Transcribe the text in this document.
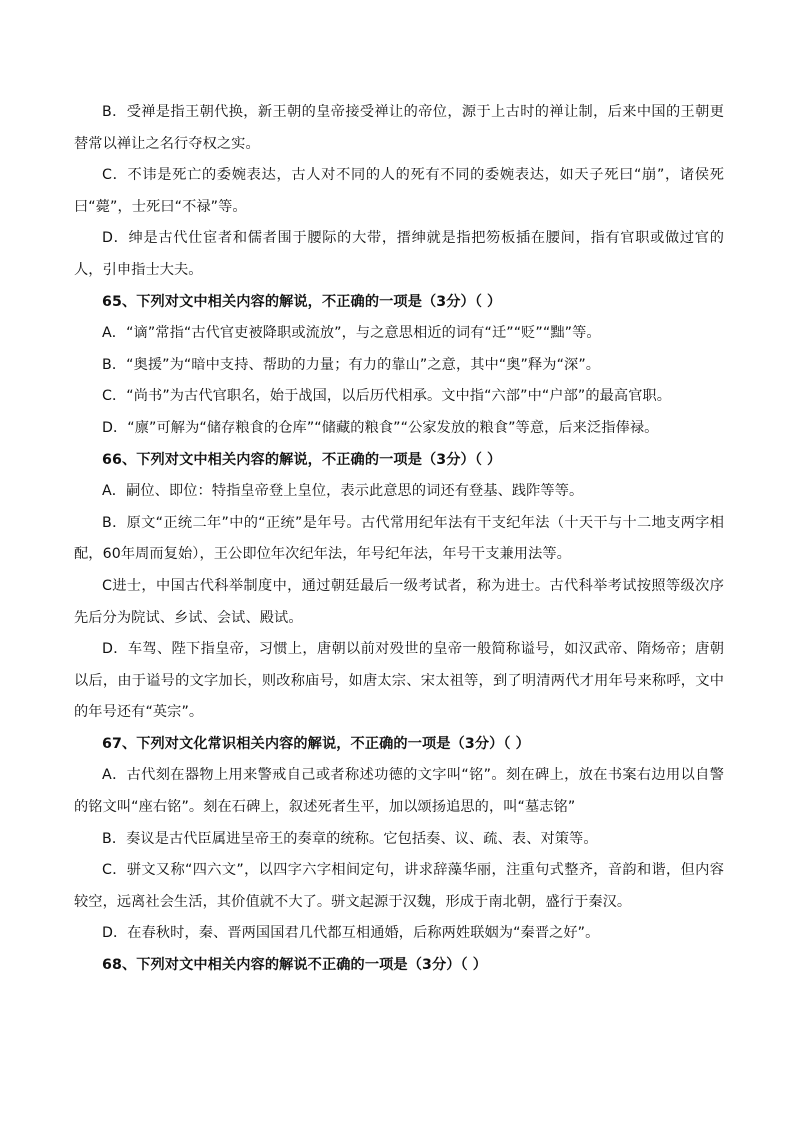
B．受禅是指王朝代换，新王朝的皇帝接受禅让的帝位，源于上古时的禅让制，后来中国的王朝更替常以禅让之名行夺权之实。

C．不讳是死亡的委婉表达，古人对不同的人的死有不同的委婉表达，如天子死曰“崩”，诸侯死曰“薨”，士死曰“不禄”等。

D．绅是古代仕宦者和儒者围于腰际的大带，搢绅就是指把笏板插在腰间，指有官职或做过官的人，引申指士大夫。

65、下列对文中相关内容的解说，不正确的一项是（3分）（ ）

A．“谪”常指“古代官吏被降职或流放”，与之意思相近的词有“迁”“贬”“黜”等。

B．“奥援”为“暗中支持、帮助的力量；有力的靠山”之意，其中“奥”释为“深”。

C．“尚书”为古代官职名，始于战国，以后历代相承。文中指“六部”中“户部”的最高官职。

D．“廪”可解为“储存粮食的仓库”“储藏的粮食”“公家发放的粮食”等意，后来泛指俸禄。

66、下列对文中相关内容的解说，不正确的一项是（3分）（ ）

A．嗣位、即位：特指皇帝登上皇位，表示此意思的词还有登基、践阼等等。

B．原文“正统二年”中的“正统”是年号。古代常用纪年法有干支纪年法（十天干与十二地支两字相配，60年周而复始），王公即位年次纪年法，年号纪年法，年号干支兼用法等。

C进士，中国古代科举制度中，通过朝廷最后一级考试者，称为进士。古代科举考试按照等级次序先后分为院试、乡试、会试、殿试。

D．车驾、陛下指皇帝，习惯上，唐朝以前对殁世的皇帝一般简称谥号，如汉武帝、隋炀帝；唐朝以后，由于谥号的文字加长，则改称庙号，如唐太宗、宋太祖等，到了明清两代才用年号来称呼，文中的年号还有“英宗”。

67、下列对文化常识相关内容的解说，不正确的一项是（3分）（ ）

A．古代刻在器物上用来警戒自己或者称述功德的文字叫“铭”。刻在碑上，放在书案右边用以自警的铭文叫“座右铭”。刻在石碑上，叙述死者生平，加以颂扬追思的，叫“墓志铭”

B．奏议是古代臣属进呈帝王的奏章的统称。它包括奏、议、疏、表、对策等。

C．骈文又称“四六文”，以四字六字相间定句，讲求辞藻华丽，注重句式整齐，音韵和谐，但内容较空，远离社会生活，其价值就不大了。骈文起源于汉魏，形成于南北朝，盛行于秦汉。

D．在春秋时，秦、晋两国国君几代都互相通婚，后称两姓联姻为“秦晋之好”。

68、下列对文中相关内容的解说不正确的一项是（3分）（ ）
